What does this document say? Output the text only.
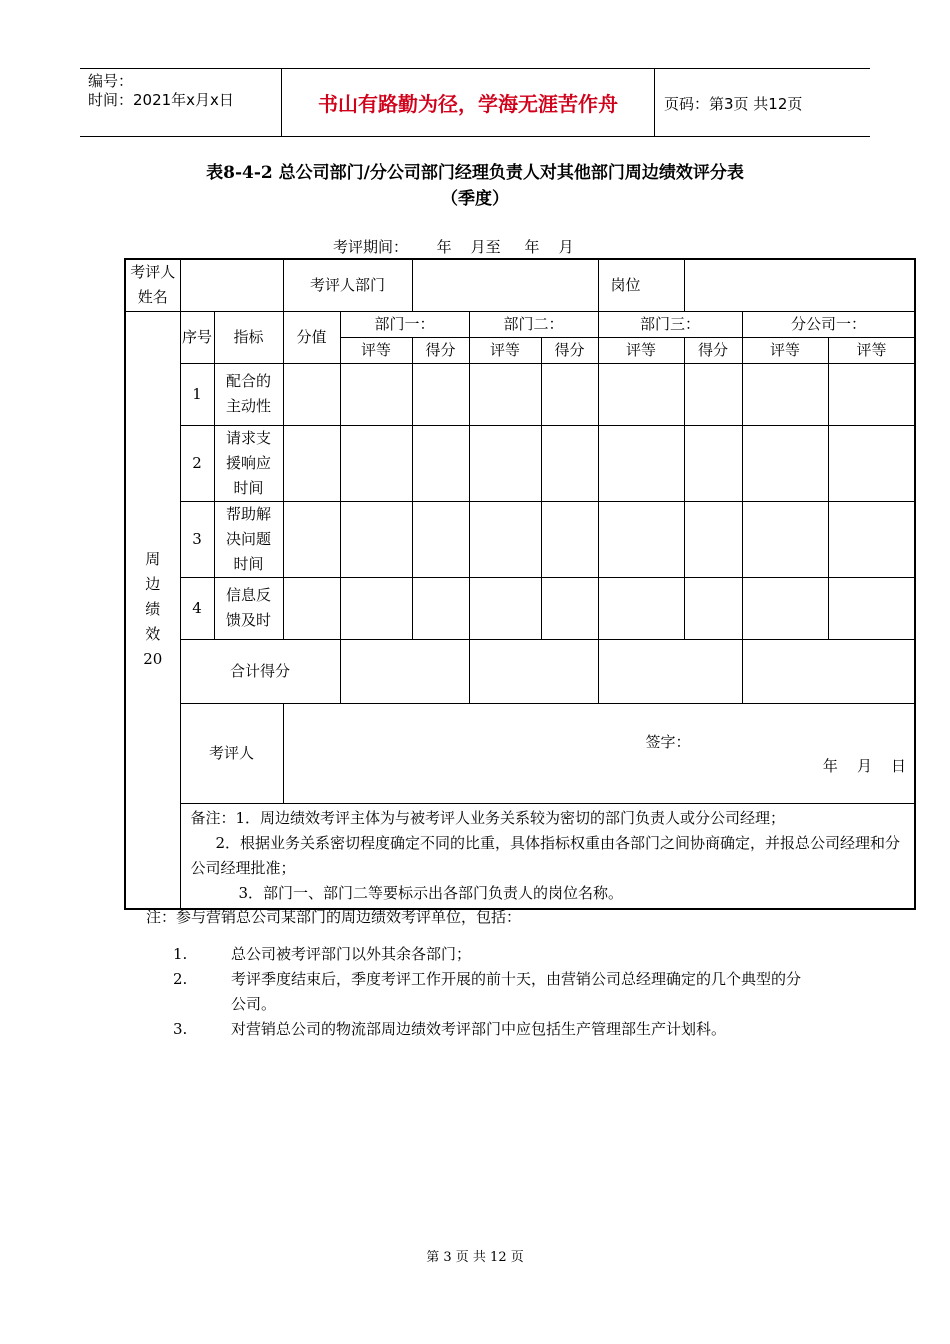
编号：
时间：2021年x月x日	书山有路勤为径，学海无涯苦作舟	页码：第3页 共12页
表8-4-2 总公司部门/分公司部门经理负责人对其他部门周边绩效评分表
（季度）
考评期间：      年    月至     年    月
考评人姓名			考评人部门					岗位			
周边绩效20	序号	指标	分值	部门一：		部门二：		部门三：		分公司一：	
				评等	得分	评等	得分	评等	得分	评等	评等
	1	配合的主动性									
	2	请求支援响应时间									
	3	帮助解决问题时间									
	4	信息反馈及时									
	合计得分										
	考评人		签字：
年    月    日								

	备注：1．周边绩效考评主体为与被考评人业务关系较为密切的部门负责人或分公司经理；
2．根据业务关系密切程度确定不同的比重，具体指标权重由各部门之间协商确定，并报总公司经理和分公司经理批准；
3．部门一、部门二等要标示出各部门负责人的岗位名称。										
注：参与营销总公司某部门的周边绩效考评单位，包括：
1.	总公司被考评部门以外其余各部门；
2.	考评季度结束后，季度考评工作开展的前十天，由营销公司总经理确定的几个典型的分公司。
3.	对营销总公司的物流部周边绩效考评部门中应包括生产管理部生产计划科。
第 3 页 共 12 页
